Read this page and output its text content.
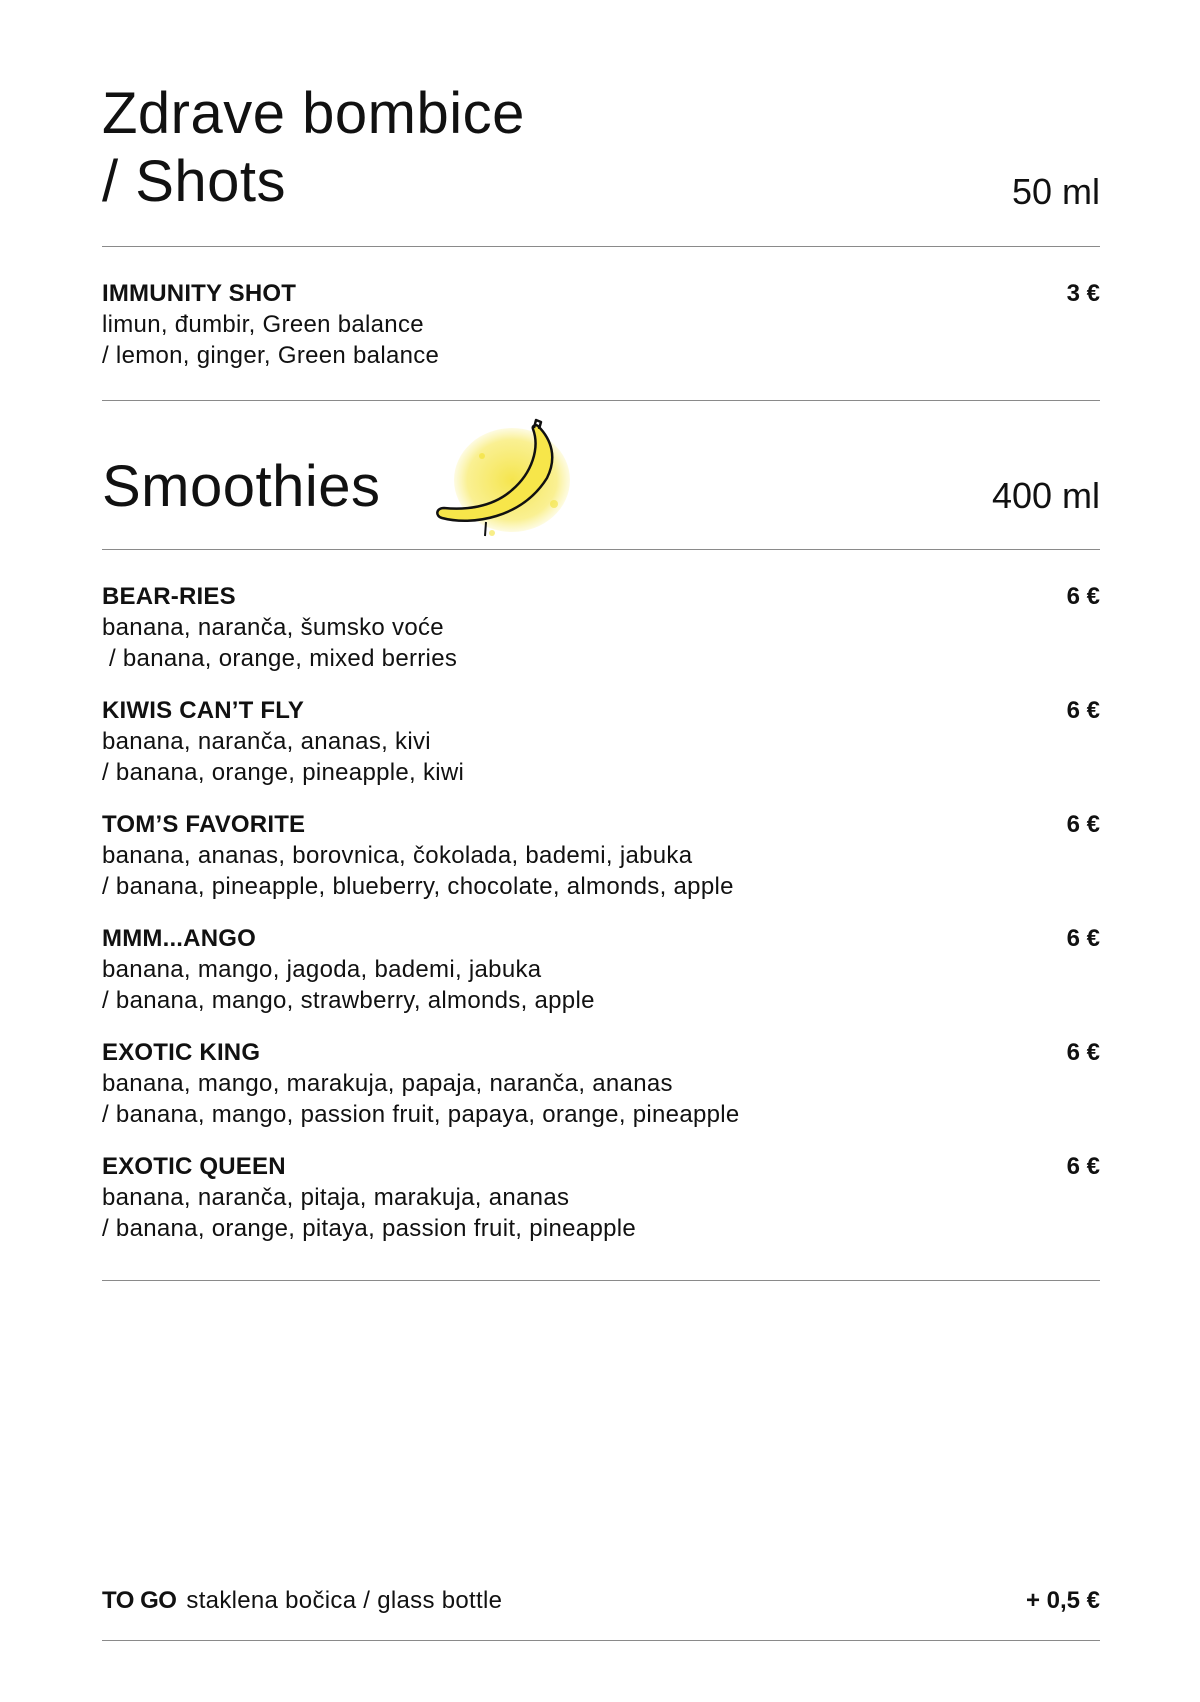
Zdrave bombice
/ Shots	50 ml
IMMUNITY SHOT
limun, đumbir, Green balance
/ lemon, ginger, Green balance
3 €
Smoothies	400 ml
BEAR-RIES
banana, naranča, šumsko voće
/ banana, orange, mixed berries
6 €
KIWIS CAN’T FLY
banana, naranča, ananas, kivi
/ banana, orange, pineapple, kiwi
6 €
TOM’S FAVORITE
banana, ananas, borovnica, čokolada, bademi, jabuka
/ banana, pineapple, blueberry, chocolate, almonds, apple
6 €
MMM...ANGO
banana, mango, jagoda, bademi, jabuka
/ banana, mango, strawberry, almonds, apple
6 €
EXOTIC KING
banana, mango, marakuja, papaja, naranča, ananas
/ banana, mango, passion fruit, papaya, orange, pineapple
6 €
EXOTIC QUEEN
banana, naranča, pitaja, marakuja, ananas
/ banana, orange, pitaya, passion fruit, pineapple
6 €
TO GO staklena bočica / glass bottle	+ 0,5 €
